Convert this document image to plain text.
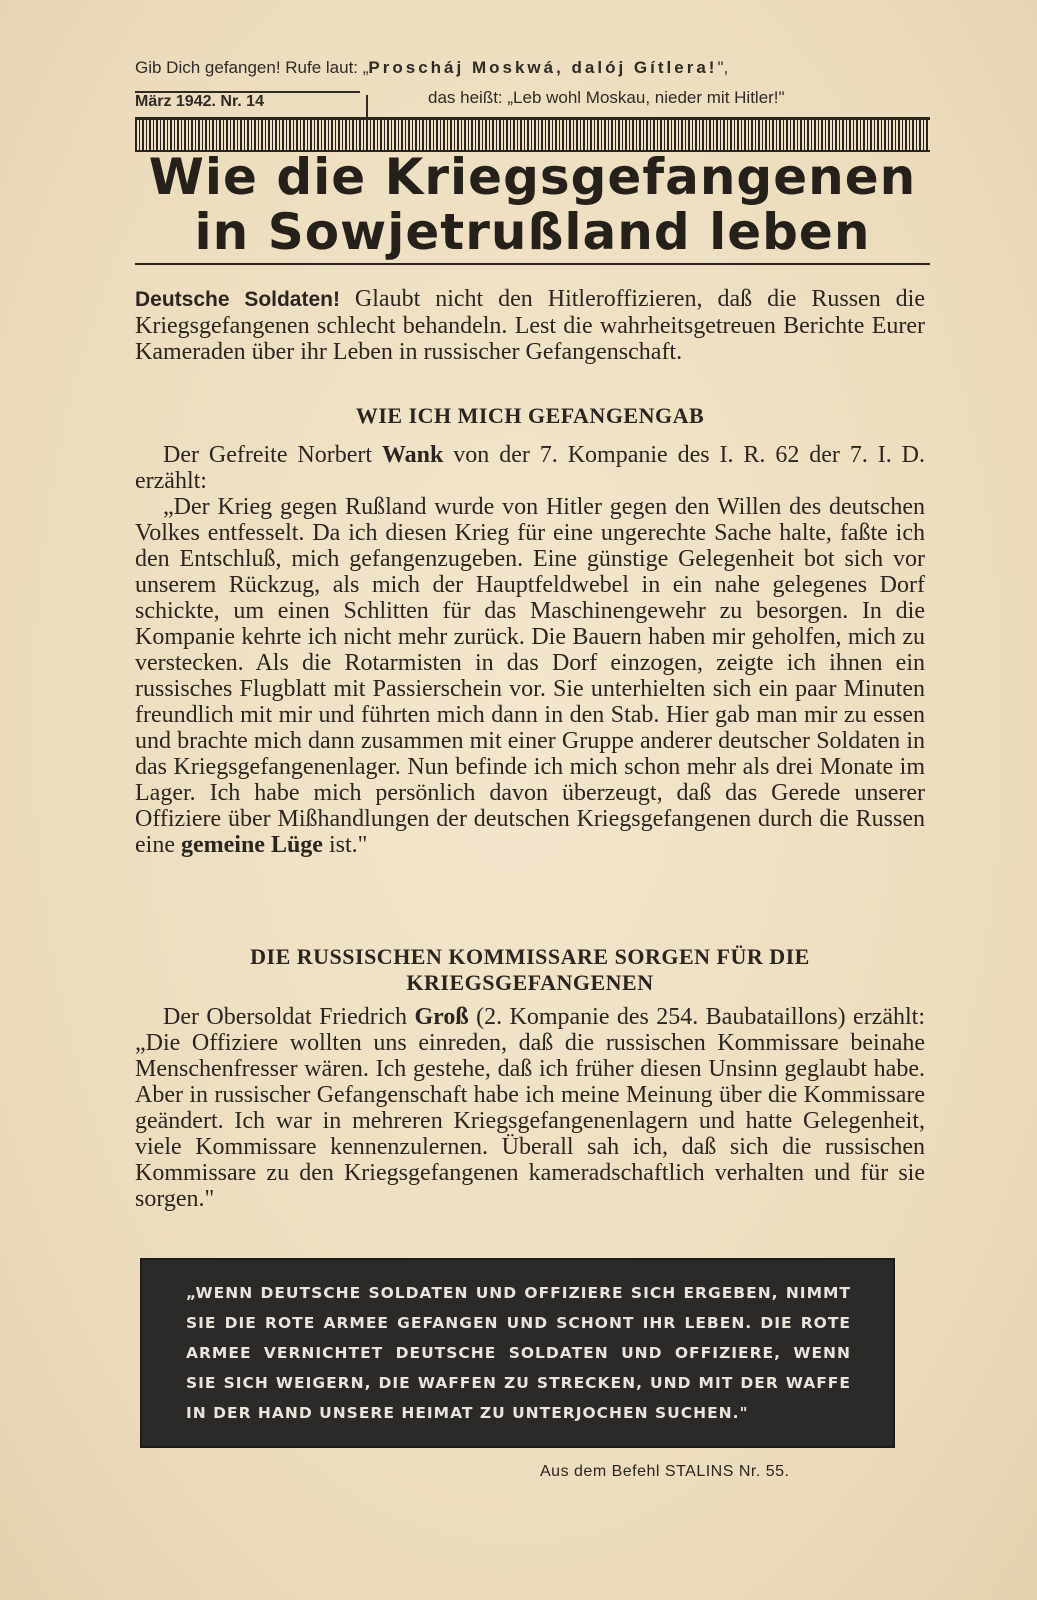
Gib Dich gefangen! Rufe laut: „Proscháj Moskwá, dalój Gítlera!",
März 1942. Nr. 14	das heißt: „Leb wohl Moskau, nieder mit Hitler!"
Wie die Kriegsgefangenen
in Sowjetrußland leben
Deutsche Soldaten! Glaubt nicht den Hitleroffizieren, daß die Russen die Kriegsgefangenen schlecht behandeln. Lest die wahrheitsgetreuen Berichte Eurer Kameraden über ihr Leben in russischer Gefangenschaft.
WIE ICH MICH GEFANGENGAB
Der Gefreite Norbert Wank von der 7. Kompanie des I. R. 62 der 7. I. D. erzählt:
„Der Krieg gegen Rußland wurde von Hitler gegen den Willen des deutschen Volkes entfesselt. Da ich diesen Krieg für eine ungerechte Sache halte, faßte ich den Entschluß, mich gefangenzugeben. Eine günstige Gelegenheit bot sich vor unserem Rückzug, als mich der Hauptfeldwebel in ein nahe gelegenes Dorf schickte, um einen Schlitten für das Maschinengewehr zu besorgen. In die Kompanie kehrte ich nicht mehr zurück. Die Bauern haben mir geholfen, mich zu verstecken. Als die Rotarmisten in das Dorf einzogen, zeigte ich ihnen ein russisches Flugblatt mit Passierschein vor. Sie unterhielten sich ein paar Minuten freundlich mit mir und führten mich dann in den Stab. Hier gab man mir zu essen und brachte mich dann zusammen mit einer Gruppe anderer deutscher Soldaten in das Kriegsgefangenenlager. Nun befinde ich mich schon mehr als drei Monate im Lager. Ich habe mich persönlich davon überzeugt, daß das Gerede unserer Offiziere über Mißhandlungen der deutschen Kriegsgefangenen durch die Russen eine gemeine Lüge ist."
DIE RUSSISCHEN KOMMISSARE SORGEN FÜR DIE KRIEGSGEFANGENEN
Der Obersoldat Friedrich Groß (2. Kompanie des 254. Baubataillons) erzählt: „Die Offiziere wollten uns einreden, daß die russischen Kommissare beinahe Menschenfresser wären. Ich gestehe, daß ich früher diesen Unsinn geglaubt habe. Aber in russischer Gefangenschaft habe ich meine Meinung über die Kommissare geändert. Ich war in mehreren Kriegsgefangenenlagern und hatte Gelegenheit, viele Kommissare kennenzulernen. Überall sah ich, daß sich die russischen Kommissare zu den Kriegsgefangenen kameradschaftlich verhalten und für sie sorgen."
„WENN DEUTSCHE SOLDATEN UND OFFIZIERE SICH ERGEBEN, NIMMT SIE DIE ROTE ARMEE GEFANGEN UND SCHONT IHR LEBEN. DIE ROTE ARMEE VERNICHTET DEUTSCHE SOLDATEN UND OFFIZIERE, WENN SIE SICH WEIGERN, DIE WAFFEN ZU STRECKEN, UND MIT DER WAFFE IN DER HAND UNSERE HEIMAT ZU UNTERJOCHEN SUCHEN."
Aus dem Befehl STALINS Nr. 55.
